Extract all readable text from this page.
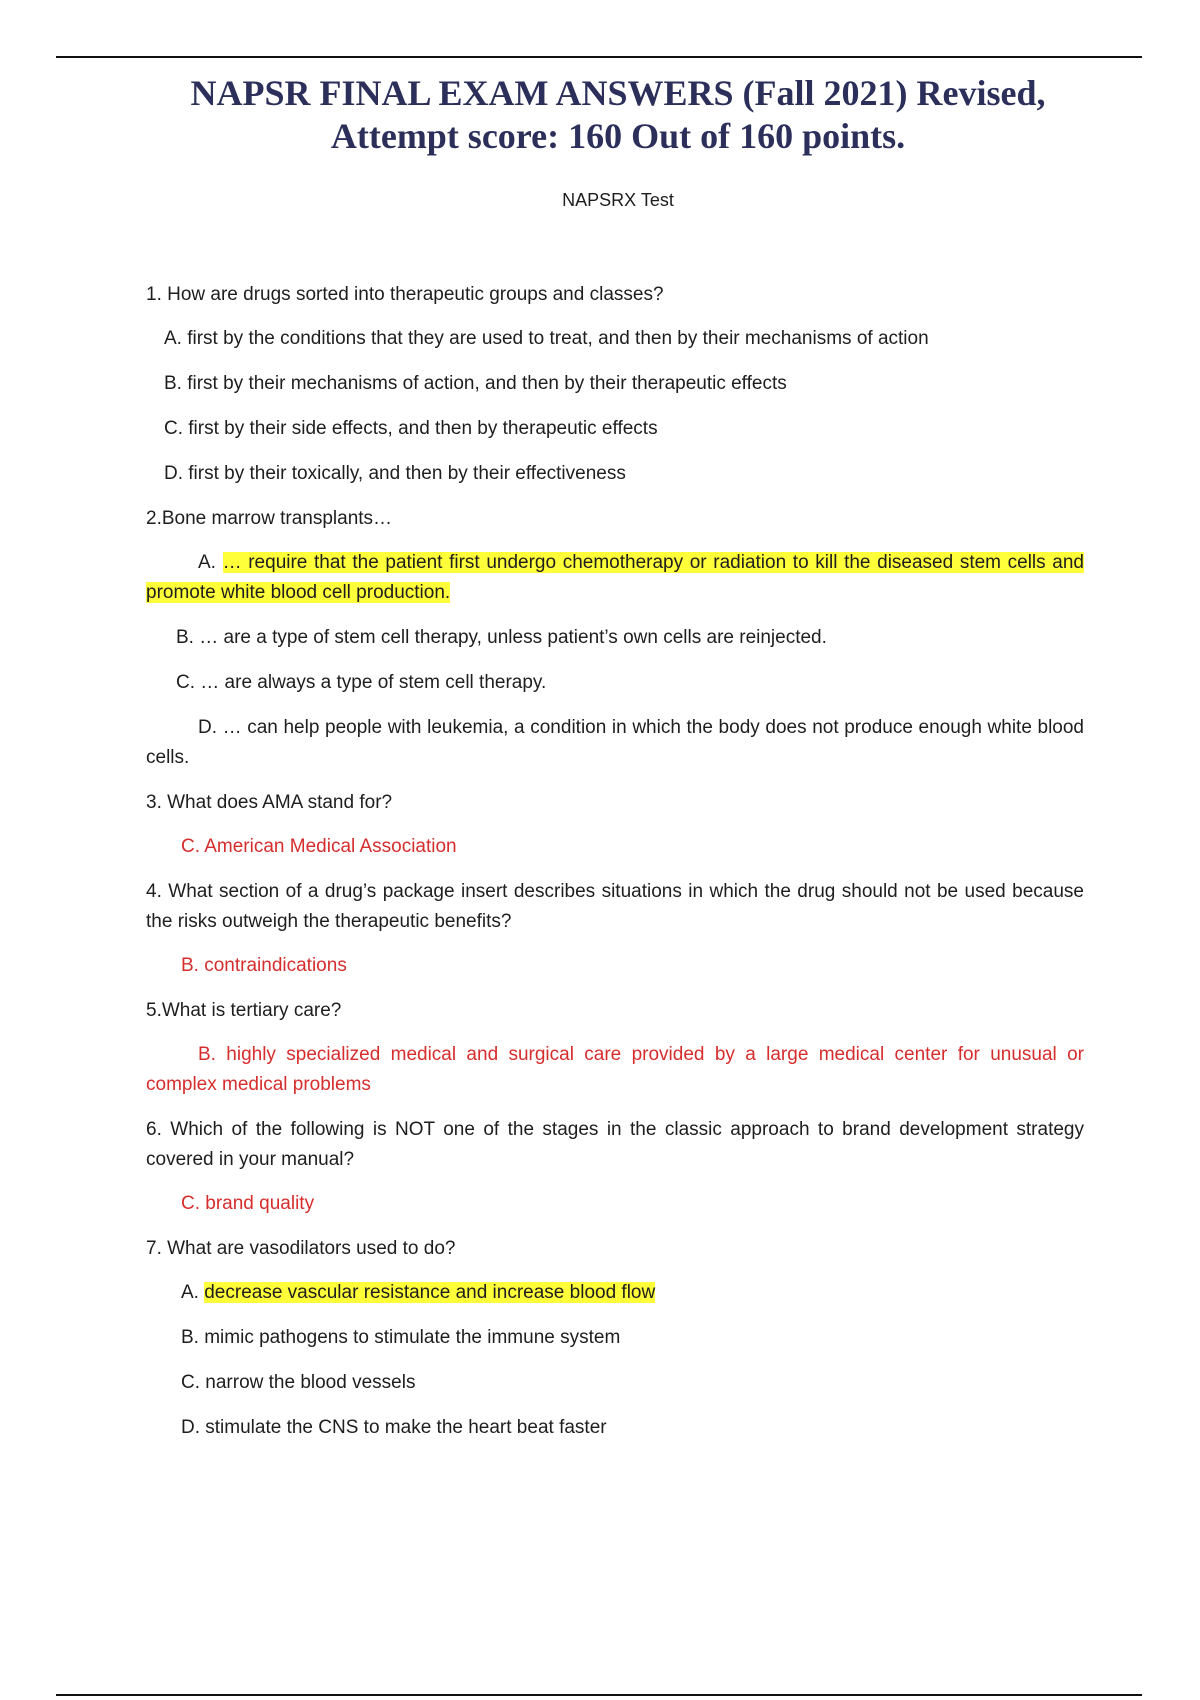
NAPSR FINAL EXAM ANSWERS (Fall 2021) Revised,
Attempt score: 160 Out of 160 points.
NAPSRX Test

1. How are drugs sorted into therapeutic groups and classes?

A. first by the conditions that they are used to treat, and then by their mechanisms of action

B. first by their mechanisms of action, and then by their therapeutic effects

C. first by their side effects, and then by therapeutic effects

D. first by their toxically, and then by their effectiveness

2.Bone marrow transplants…

A. … require that the patient first undergo chemotherapy or radiation to kill the diseased stem cells and promote white blood cell production.

B. … are a type of stem cell therapy, unless patient’s own cells are reinjected.

C. … are always a type of stem cell therapy.

D. … can help people with leukemia, a condition in which the body does not produce enough white blood cells.

3. What does AMA stand for?

C. American Medical Association

4. What section of a drug’s package insert describes situations in which the drug should not be used because the risks outweigh the therapeutic benefits?

B. contraindications

5.What is tertiary care?

B. highly specialized medical and surgical care provided by a large medical center for unusual or complex medical problems

6. Which of the following is NOT one of the stages in the classic approach to brand development strategy covered in your manual?

C. brand quality

7. What are vasodilators used to do?

A. decrease vascular resistance and increase blood flow

B. mimic pathogens to stimulate the immune system

C. narrow the blood vessels

D. stimulate the CNS to make the heart beat faster
